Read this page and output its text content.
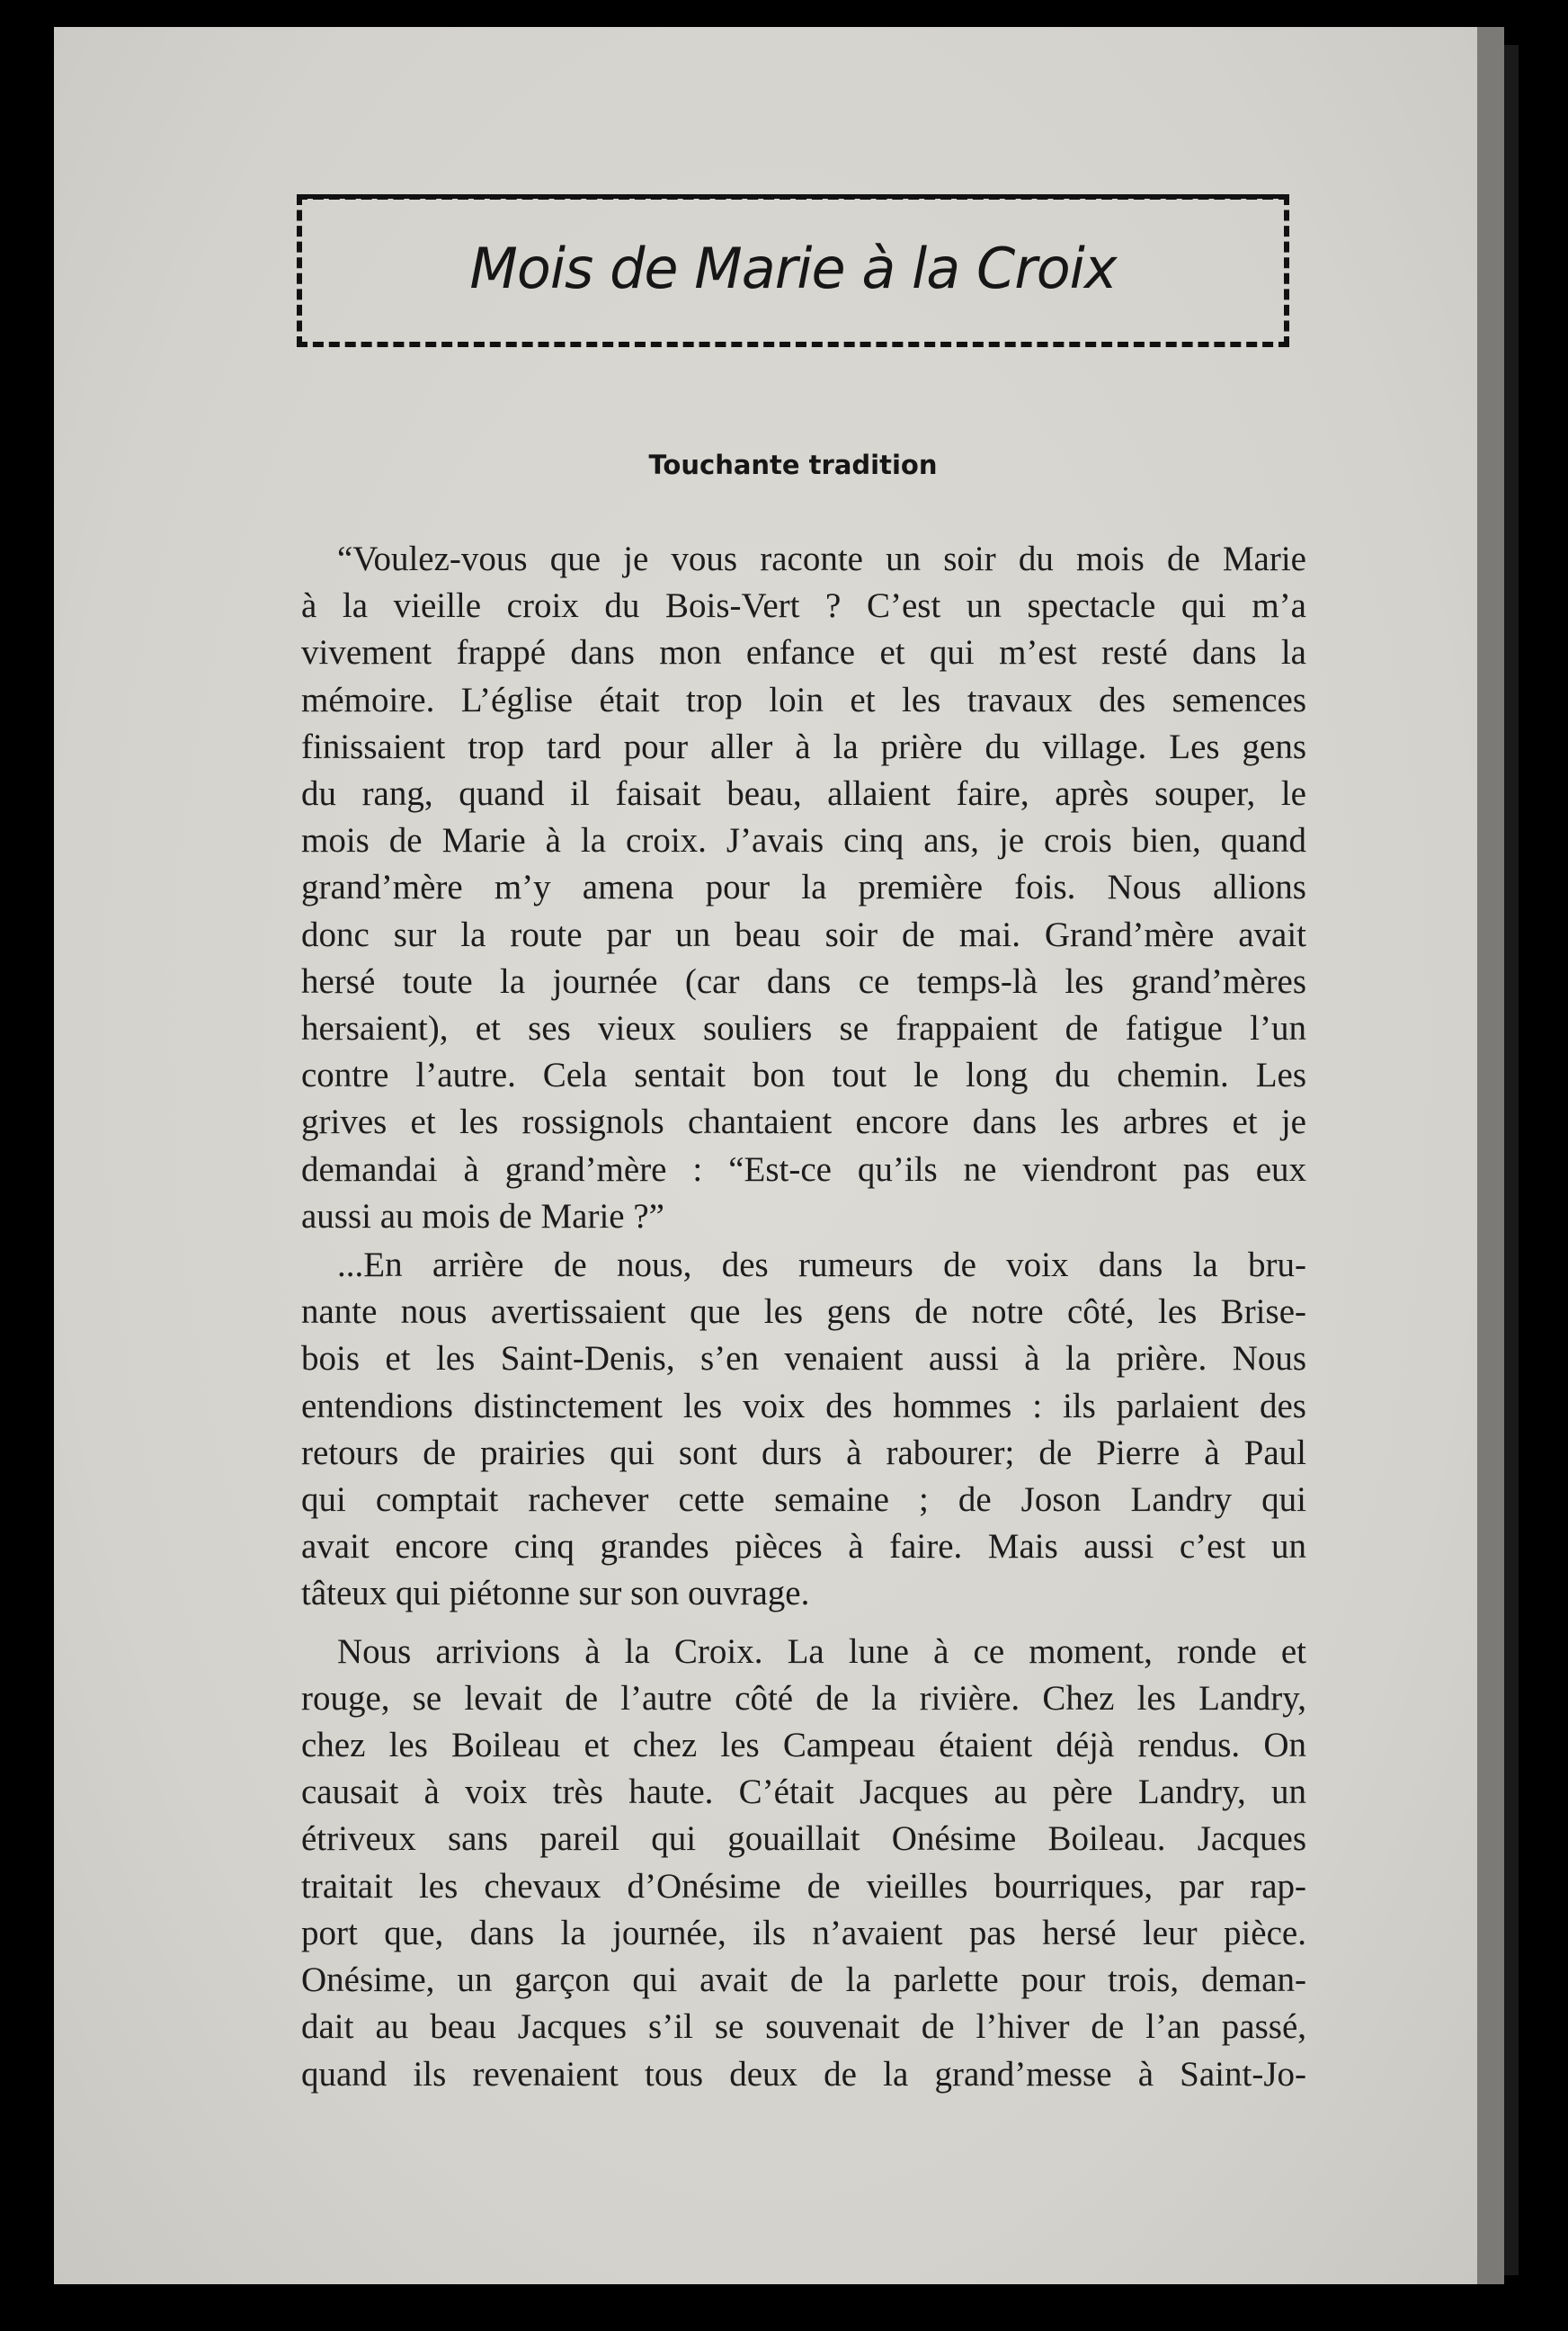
Mois de Marie à la Croix
Touchante tradition
“Voulez-vous que je vous raconte un soir du mois de Marie
à la vieille croix du Bois-Vert ? C’est un spectacle qui m’a
vivement frappé dans mon enfance et qui m’est resté dans la
mémoire. L’église était trop loin et les travaux des semences
finissaient trop tard pour aller à la prière du village. Les gens
du rang, quand il faisait beau, allaient faire, après souper, le
mois de Marie à la croix. J’avais cinq ans, je crois bien, quand
grand’mère m’y amena pour la première fois. Nous allions
donc sur la route par un beau soir de mai. Grand’mère avait
hersé toute la journée (car dans ce temps-là les grand’mères
hersaient), et ses vieux souliers se frappaient de fatigue l’un
contre l’autre. Cela sentait bon tout le long du chemin. Les
grives et les rossignols chantaient encore dans les arbres et je
demandai à grand’mère : “Est-ce qu’ils ne viendront pas eux
aussi au mois de Marie ?”
...En arrière de nous, des rumeurs de voix dans la bru-
nante nous avertissaient que les gens de notre côté, les Brise-
bois et les Saint-Denis, s’en venaient aussi à la prière. Nous
entendions distinctement les voix des hommes : ils parlaient des
retours de prairies qui sont durs à rabourer; de Pierre à Paul
qui comptait rachever cette semaine ; de Joson Landry qui
avait encore cinq grandes pièces à faire. Mais aussi c’est un
tâteux qui piétonne sur son ouvrage.
Nous arrivions à la Croix. La lune à ce moment, ronde et
rouge, se levait de l’autre côté de la rivière. Chez les Landry,
chez les Boileau et chez les Campeau étaient déjà rendus. On
causait à voix très haute. C’était Jacques au père Landry, un
étriveux sans pareil qui gouaillait Onésime Boileau. Jacques
traitait les chevaux d’Onésime de vieilles bourriques, par rap-
port que, dans la journée, ils n’avaient pas hersé leur pièce.
Onésime, un garçon qui avait de la parlette pour trois, deman-
dait au beau Jacques s’il se souvenait de l’hiver de l’an passé,
quand ils revenaient tous deux de la grand’messe à Saint-Jo-
